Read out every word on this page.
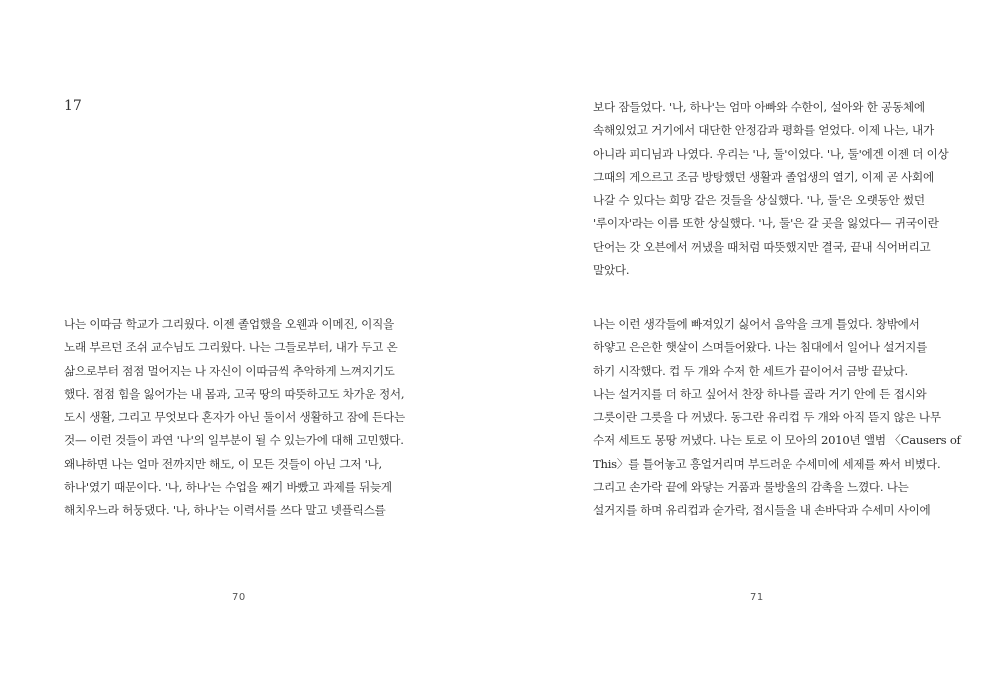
17

나는 이따금 학교가 그리웠다. 이젠 졸업했을 오웬과 이메진, 이직을
노래 부르던 조쉬 교수님도 그리웠다. 나는 그들로부터, 내가 두고 온
삶으로부터 점점 멀어지는 나 자신이 이따금씩 추악하게 느껴지기도
했다. 점점 힘을 잃어가는 내 몸과, 고국 땅의 따뜻하고도 차가운 정서,
도시 생활, 그리고 무엇보다 혼자가 아닌 둘이서 생활하고 잠에 든다는
것— 이런 것들이 과연 '나'의 일부분이 될 수 있는가에 대해 고민했다.
왜냐하면 나는 얼마 전까지만 해도, 이 모든 것들이 아닌 그저 '나,
하나'였기 때문이다. '나, 하나'는 수업을 째기 바빴고 과제를 뒤늦게
해치우느라 허둥댔다. '나, 하나'는 이력서를 쓰다 말고 넷플릭스를

70

보다 잠들었다. '나, 하나'는 엄마 아빠와 수한이, 설아와 한 공동체에
속해있었고 거기에서 대단한 안정감과 평화를 얻었다. 이제 나는, 내가
아니라 피디님과 나였다. 우리는 '나, 둘'이었다. '나, 둘'에겐 이젠 더 이상
그때의 게으르고 조금 방탕했던 생활과 졸업생의 열기, 이제 곧 사회에
나갈 수 있다는 희망 같은 것들을 상실했다. '나, 둘'은 오랫동안 썼던
'루이자'라는 이름 또한 상실했다. '나, 둘'은 갈 곳을 잃었다— 귀국이란
단어는 갓 오븐에서 꺼냈을 때처럼 따뜻했지만 결국, 끝내 식어버리고
말았다.
나는 이런 생각들에 빠져있기 싫어서 음악을 크게 틀었다. 창밖에서
하얗고 은은한 햇살이 스며들어왔다. 나는 침대에서 일어나 설거지를
하기 시작했다. 컵 두 개와 수저 한 세트가 끝이어서 금방 끝났다.
나는 설거지를 더 하고 싶어서 찬장 하나를 골라 거기 안에 든 접시와
그릇이란 그릇을 다 꺼냈다. 동그란 유리컵 두 개와 아직 뜯지 않은 나무
수저 세트도 몽땅 꺼냈다. 나는 토로 이 모아의 2010년 앨범 〈Causers of
This〉를 틀어놓고 흥얼거리며 부드러운 수세미에 세제를 짜서 비볐다.
그리고 손가락 끝에 와닿는 거품과 물방울의 감촉을 느꼈다. 나는
설거지를 하며 유리컵과 숟가락, 접시들을 내 손바닥과 수세미 사이에

71
